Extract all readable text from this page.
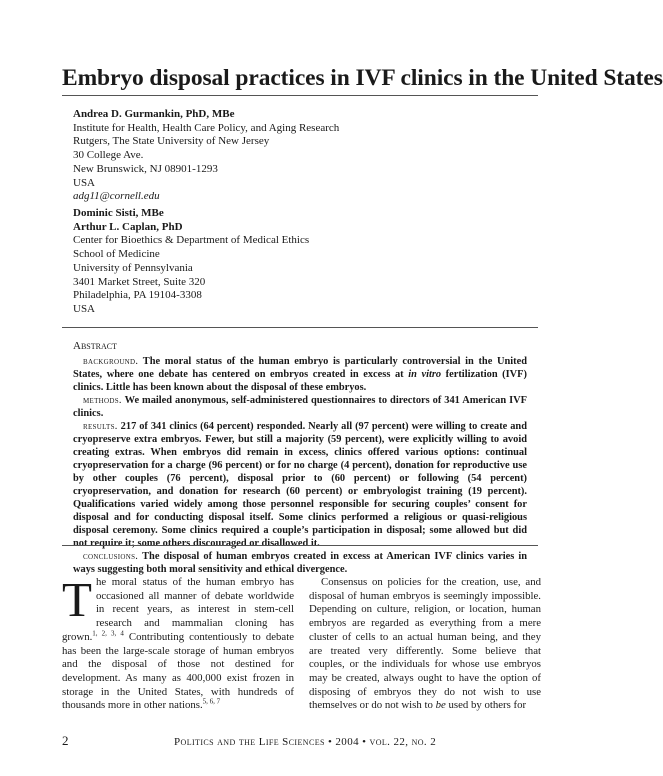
Embryo disposal practices in IVF clinics in the United States
Andrea D. Gurmankin, PhD, MBe
Institute for Health, Health Care Policy, and Aging Research
Rutgers, The State University of New Jersey
30 College Ave.
New Brunswick, NJ 08901-1293
USA
adg11@cornell.edu
Dominic Sisti, MBe
Arthur L. Caplan, PhD
Center for Bioethics & Department of Medical Ethics
School of Medicine
University of Pennsylvania
3401 Market Street, Suite 320
Philadelphia, PA 19104-3308
USA
Abstract

background. The moral status of the human embryo is particularly controversial in the United States, where one debate has centered on embryos created in excess at in vitro fertilization (IVF) clinics. Little has been known about the disposal of these embryos.

methods. We mailed anonymous, self-administered questionnaires to directors of 341 American IVF clinics.

results. 217 of 341 clinics (64 percent) responded. Nearly all (97 percent) were willing to create and cryopreserve extra embryos. Fewer, but still a majority (59 percent), were explicitly willing to avoid creating extras. When embryos did remain in excess, clinics offered various options: continual cryopreservation for a charge (96 percent) or for no charge (4 percent), donation for reproductive use by other couples (76 percent), disposal prior to (60 percent) or following (54 percent) cryopreservation, and donation for research (60 percent) or embryologist training (19 percent). Qualifications varied widely among those personnel responsible for securing couples’ consent for disposal and for conducting disposal itself. Some clinics performed a religious or quasi-religious disposal ceremony. Some clinics required a couple’s participation in disposal; some allowed but did not require it; some others discouraged or disallowed it.

conclusions. The disposal of human embryos created in excess at American IVF clinics varies in ways suggesting both moral sensitivity and ethical divergence.

The moral status of the human embryo has occasioned all manner of debate worldwide in recent years, as interest in stem-cell research and mammalian cloning has grown.$^{1, 2, 3, 4}$ Contributing contentiously to debate has been the large-scale storage of human embryos and the disposal of those not destined for development. As many as 400,000 exist frozen in storage in the United States, with hundreds of thousands more in other nations.$^{5, 6, 7}$
Consensus on policies for the creation, use, and disposal of human embryos is seemingly impossible. Depending on culture, religion, or location, human embryos are regarded as everything from a mere cluster of cells to an actual human being, and they are treated very differently. Some believe that couples, or the individuals for whose use embryos may be created, always ought to have the option of disposing of embryos they do not wish to use themselves or do not wish to be used by others for
2	Politics and the Life Sciences • 2004 • vol. 22, no. 2
